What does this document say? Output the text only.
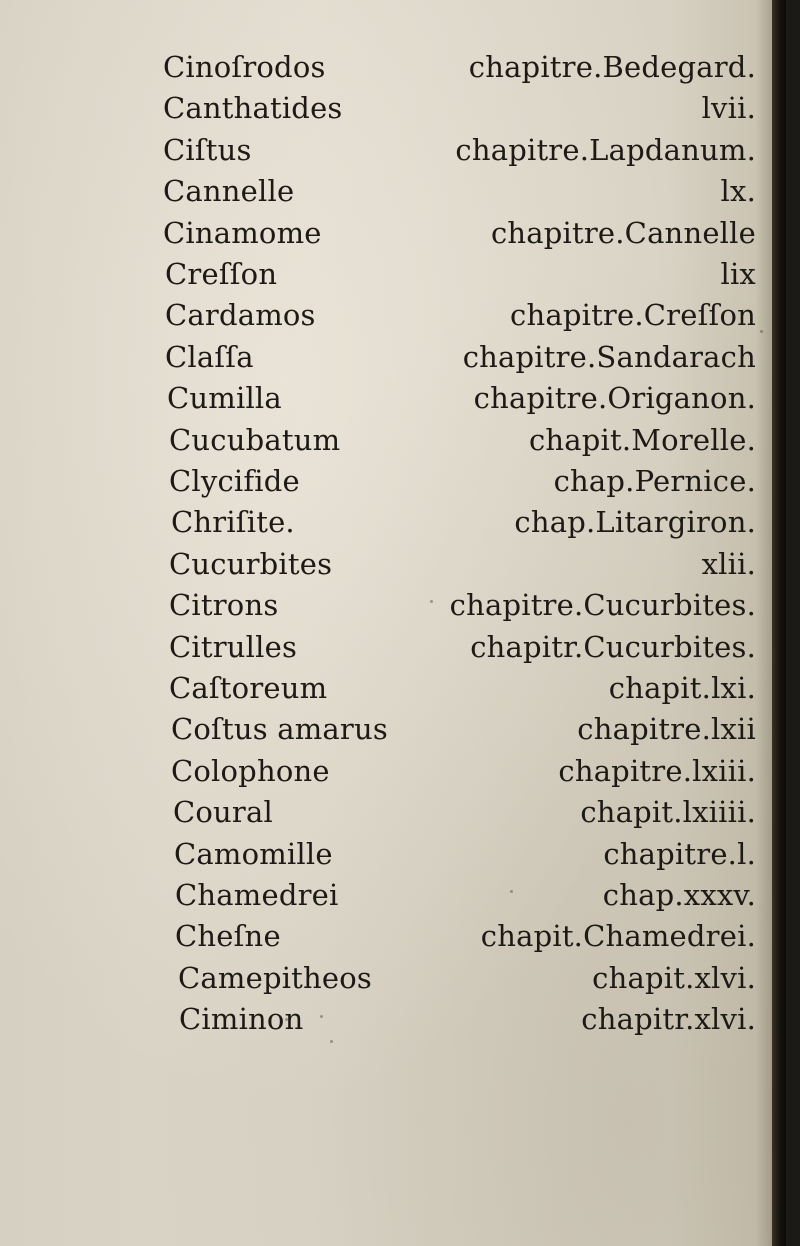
Cinoſrodos	chapitre.Bedegard.
Canthatides	lvii.
Ciſtus	chapitre.Lapdanum.
Cannelle	lx.
Cinamome	chapitre.Cannelle
Creſſon	lix
Cardamos	chapitre.Creſſon
Claſſa	chapitre.Sandarach
Cumilla	chapitre.Origanon.
Cucubatum	chapit.Morelle.
Clycifide	chap.Pernice.
Chriſite.	chap.Litargiron.
Cucurbites	xlii.
Citrons	chapitre.Cucurbites.
Citrulles	chapitr.Cucurbites.
Caſtoreum	chapit.lxi.
Coſtus amarus	chapitre.lxii
Colophone	chapitre.lxiii.
Coural	chapit.lxiiii.
Camomille	chapitre.l.
Chamedrei	chap.xxxv.
Cheſne	chapit.Chamedrei.
Camepitheos	chapit.xlvi.
Ciminon	chapitr.xlvi.
